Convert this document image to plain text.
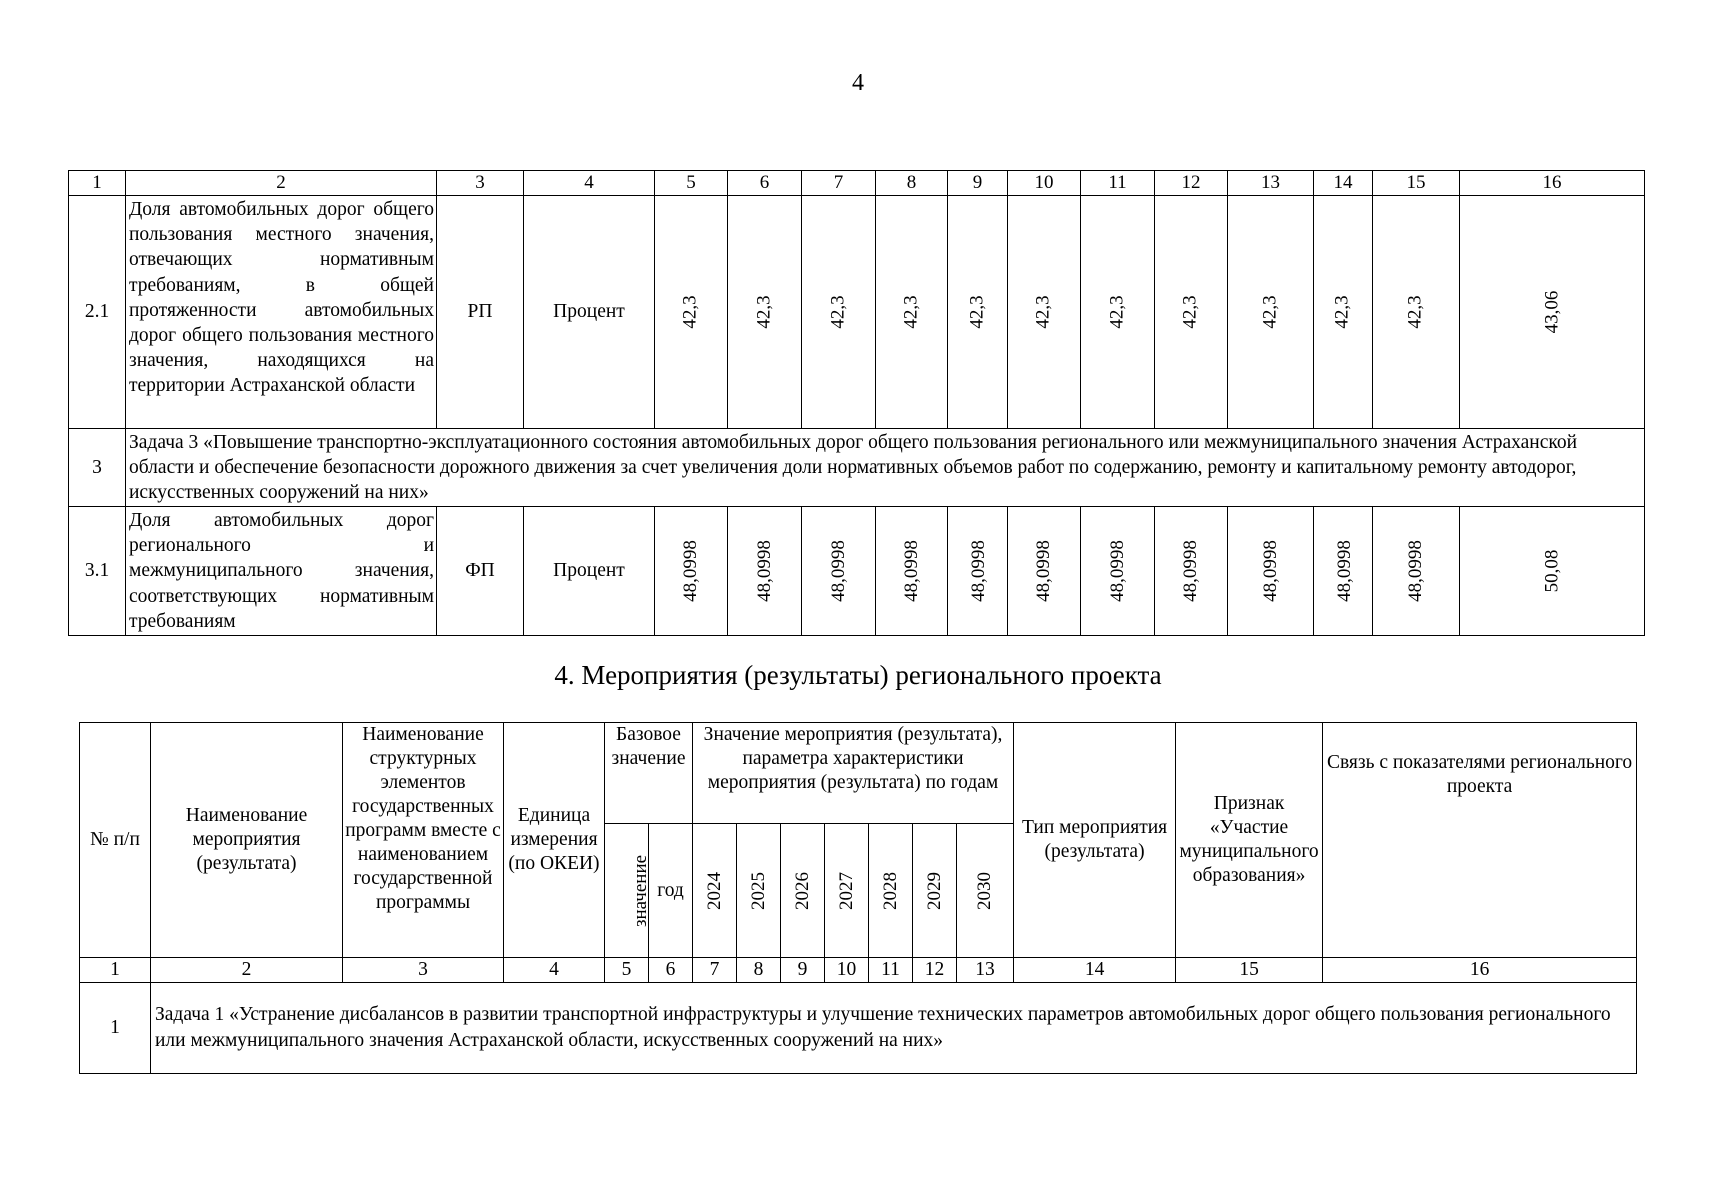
4
1	2	3	4	5	6	7	8	9	10	11	12	13	14	15	16
2.1	Доля автомобильных дорог общего пользования местного значения, отвечающих нормативным требованиям, в общей протяженности автомобильных дорог общего пользования местного значения, находящихся на территории Астраханской области	РП	Процент	42,3	42,3	42,3	42,3	42,3	42,3	42,3	42,3	42,3	42,3	42,3	43,06
3	Задача 3 «Повышение транспортно-эксплуатационного состояния автомобильных дорог общего пользования регионального или межмуниципального значения Астраханской области и обеспечение безопасности дорожного движения за счет увеличения доли нормативных объемов работ по содержанию, ремонту и капитальному ремонту автодорог, искусственных сооружений на них»														
3.1	Доля автомобильных дорог регионального и межмуниципального значения, соответствующих нормативным требованиям	ФП	Процент	48,0998	48,0998	48,0998	48,0998	48,0998	48,0998	48,0998	48,0998	48,0998	48,0998	48,0998	50,08
4. Мероприятия (результаты) регионального проекта
№ п/п	Наименование мероприятия (результата)	Наименование структурных элементов государственных программ вместе с наименованием государственной программы	Единица измерения (по ОКЕИ)	Базовое значение		Значение мероприятия (результата), параметра характеристики мероприятия (результата) по годам							Тип мероприятия (результата)	Признак «Участие муниципального образования»	Связь с показателями регионального проекта
				значение	год	2024	2025	2026	2027	2028	2029	2030			
1	2	3	4	5	6	7	8	9	10	11	12	13	14	15	16
1	Задача 1 «Устранение дисбалансов в развитии транспортной инфраструктуры и улучшение технических параметров автомобильных дорог общего пользования регионального или межмуниципального значения Астраханской области, искусственных сооружений на них»														
